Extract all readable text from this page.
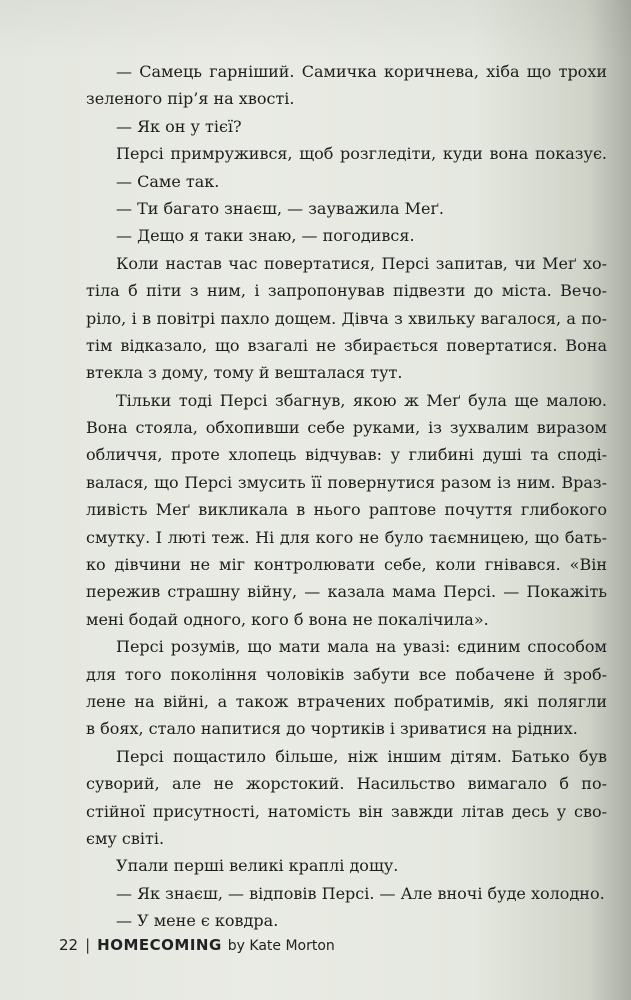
— Самець гарніший. Самичка коричнева, хіба що трохи
зеленого пір’я на хвості.
— Як он у тієї?
Персі примружився, щоб розгледіти, куди вона показує.
— Саме так.
— Ти багато знаєш, — зауважила Меґ.
— Дещо я таки знаю, — погодився.
Коли настав час повертатися, Персі запитав, чи Меґ хо-
тіла б піти з ним, і запропонував підвезти до міста. Вечо-
ріло, і в повітрі пахло дощем. Дівча з хвильку вагалося, а по-
тім відказало, що взагалі не збирається повертатися. Вона
втекла з дому, тому й вешталася тут.
Тільки тоді Персі збагнув, якою ж Меґ була ще малою.
Вона стояла, обхопивши себе руками, із зухвалим виразом
обличчя, проте хлопець відчував: у глибині душі та сподi-
валася, що Персі змусить її повернутися разом із ним. Враз-
ливість Меґ викликала в нього раптове почуття глибокого
смутку. І люті теж. Ні для кого не було таємницею, що бать-
ко дівчини не міг контролювати себе, коли гнівався. «Він
пережив страшну війну, — казала мама Персі. — Покажіть
мені бодай одного, кого б вона не покалічила».
Персі розумів, що мати мала на увазі: єдиним способом
для того покоління чоловіків забути все побачене й зроб-
лене на війні, а також втрачених побратимів, які полягли
в боях, стало напитися до чортиків і зриватися на рідних.
Персі пощастило більше, ніж іншим дітям. Батько був
суворий, але не жорстокий. Насильство вимагало б по-
стійної присутності, натомість він завжди літав десь у сво-
єму світі.
Упали перші великі краплі дощу.
— Як знаєш, — відповів Персі. — Але вночі буде холодно.
— У мене є ковдра.
22 | HOMECOMING by Kate Morton
